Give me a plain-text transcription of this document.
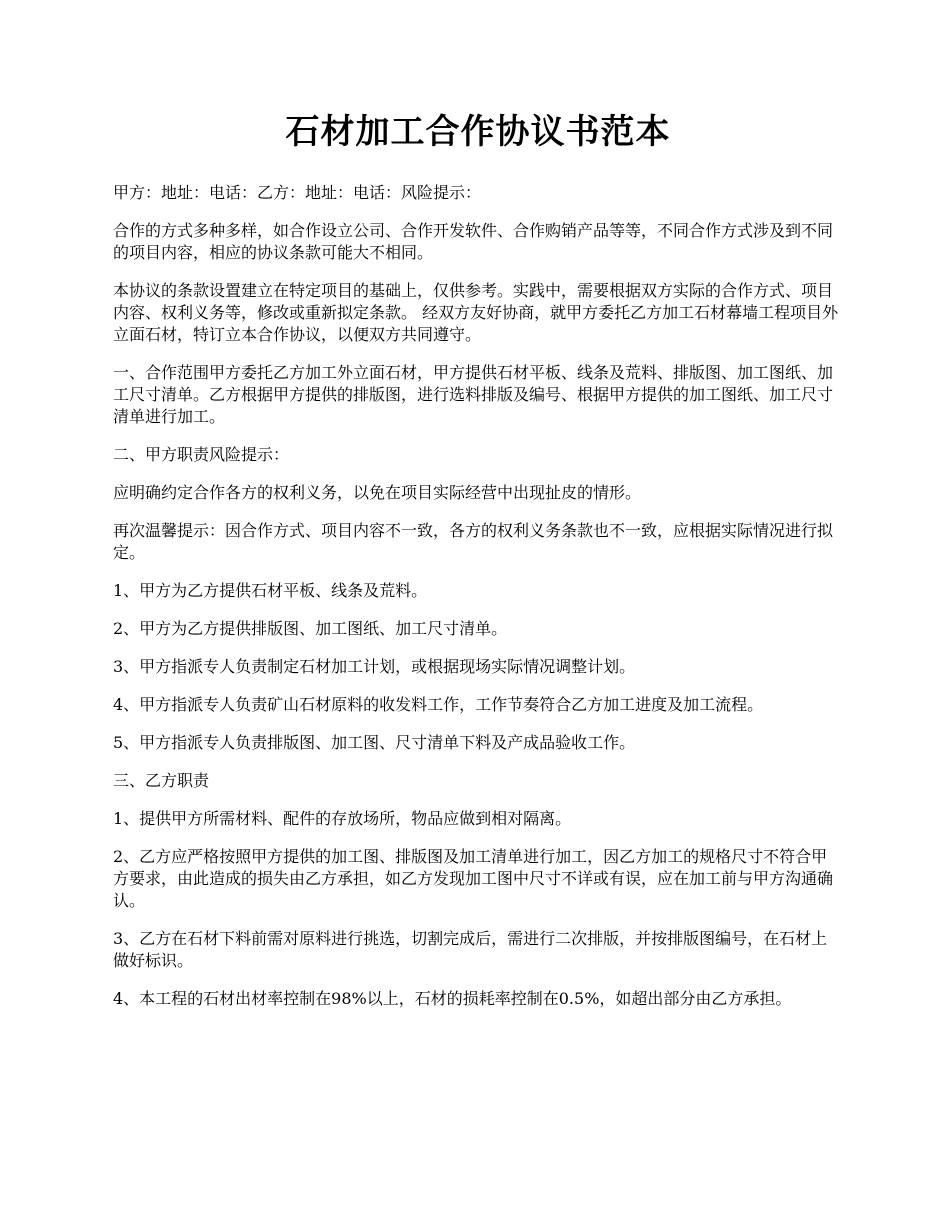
石材加工合作协议书范本

甲方：地址：电话：乙方：地址：电话：风险提示：

合作的方式多种多样，如合作设立公司、合作开发软件、合作购销产品等等，不同合作方式涉及到不同的项目内容，相应的协议条款可能大不相同。

本协议的条款设置建立在特定项目的基础上，仅供参考。实践中，需要根据双方实际的合作方式、项目内容、权利义务等，修改或重新拟定条款。 经双方友好协商，就甲方委托乙方加工石材幕墙工程项目外立面石材，特订立本合作协议，以便双方共同遵守。

一、合作范围甲方委托乙方加工外立面石材，甲方提供石材平板、线条及荒料、排版图、加工图纸、加工尺寸清单。乙方根据甲方提供的排版图，进行选料排版及编号、根据甲方提供的加工图纸、加工尺寸清单进行加工。

二、甲方职责风险提示：

应明确约定合作各方的权利义务，以免在项目实际经营中出现扯皮的情形。

再次温馨提示：因合作方式、项目内容不一致，各方的权利义务条款也不一致，应根据实际情况进行拟定。

1、甲方为乙方提供石材平板、线条及荒料。

2、甲方为乙方提供排版图、加工图纸、加工尺寸清单。

3、甲方指派专人负责制定石材加工计划，或根据现场实际情况调整计划。

4、甲方指派专人负责矿山石材原料的收发料工作，工作节奏符合乙方加工进度及加工流程。

5、甲方指派专人负责排版图、加工图、尺寸清单下料及产成品验收工作。

三、乙方职责

1、提供甲方所需材料、配件的存放场所，物品应做到相对隔离。

2、乙方应严格按照甲方提供的加工图、排版图及加工清单进行加工，因乙方加工的规格尺寸不符合甲方要求，由此造成的损失由乙方承担，如乙方发现加工图中尺寸不详或有误，应在加工前与甲方沟通确认。

3、乙方在石材下料前需对原料进行挑选，切割完成后，需进行二次排版，并按排版图编号，在石材上做好标识。

4、本工程的石材出材率控制在98%以上，石材的损耗率控制在0.5%，如超出部分由乙方承担。
